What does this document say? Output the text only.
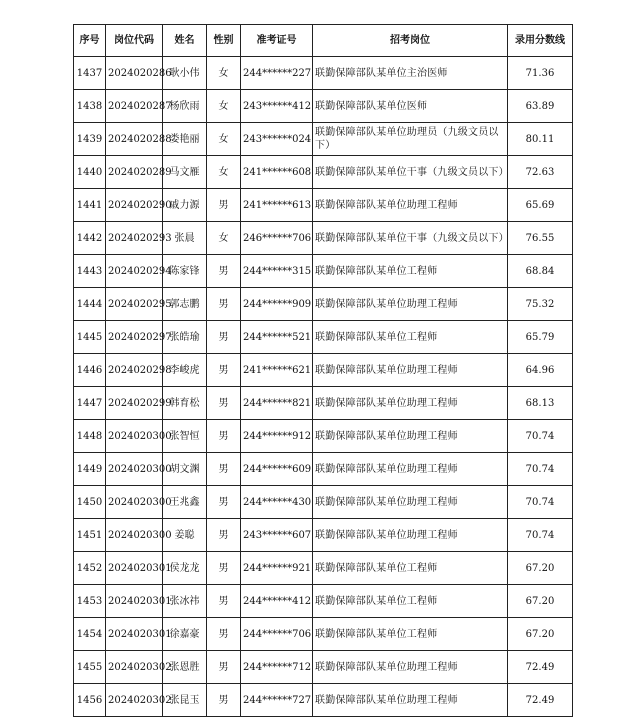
序号	岗位代码	姓名	性别	准考证号	招考岗位	录用分数线
1437	2024020286	耿小伟	女	244******227	联勤保障部队某单位主治医师	71.36
1438	2024020287	杨欣雨	女	243******412	联勤保障部队某单位医师	63.89
1439	2024020288	娄艳丽	女	243******024	联勤保障部队某单位助理员（九级文员以下）	80.11
1440	2024020289	马文雁	女	241******608	联勤保障部队某单位干事（九级文员以下）	72.63
1441	2024020290	戚力源	男	241******613	联勤保障部队某单位助理工程师	65.69
1442	2024020293	张晨	女	246******706	联勤保障部队某单位干事（九级文员以下）	76.55
1443	2024020294	陈家锋	男	244******315	联勤保障部队某单位工程师	68.84
1444	2024020295	郭志鹏	男	244******909	联勤保障部队某单位助理工程师	75.32
1445	2024020297	张皓瑜	男	244******521	联勤保障部队某单位工程师	65.79
1446	2024020298	李峻虎	男	241******621	联勤保障部队某单位助理工程师	64.96
1447	2024020299	韩育松	男	244******821	联勤保障部队某单位助理工程师	68.13
1448	2024020300	张智恒	男	244******912	联勤保障部队某单位助理工程师	70.74
1449	2024020300	胡文渊	男	244******609	联勤保障部队某单位助理工程师	70.74
1450	2024020300	王兆鑫	男	244******430	联勤保障部队某单位助理工程师	70.74
1451	2024020300	姜聪	男	243******607	联勤保障部队某单位助理工程师	70.74
1452	2024020301	侯龙龙	男	244******921	联勤保障部队某单位工程师	67.20
1453	2024020301	张冰祎	男	244******412	联勤保障部队某单位工程师	67.20
1454	2024020301	徐嘉豪	男	244******706	联勤保障部队某单位工程师	67.20
1455	2024020302	张恩胜	男	244******712	联勤保障部队某单位助理工程师	72.49
1456	2024020302	张昆玉	男	244******727	联勤保障部队某单位助理工程师	72.49
